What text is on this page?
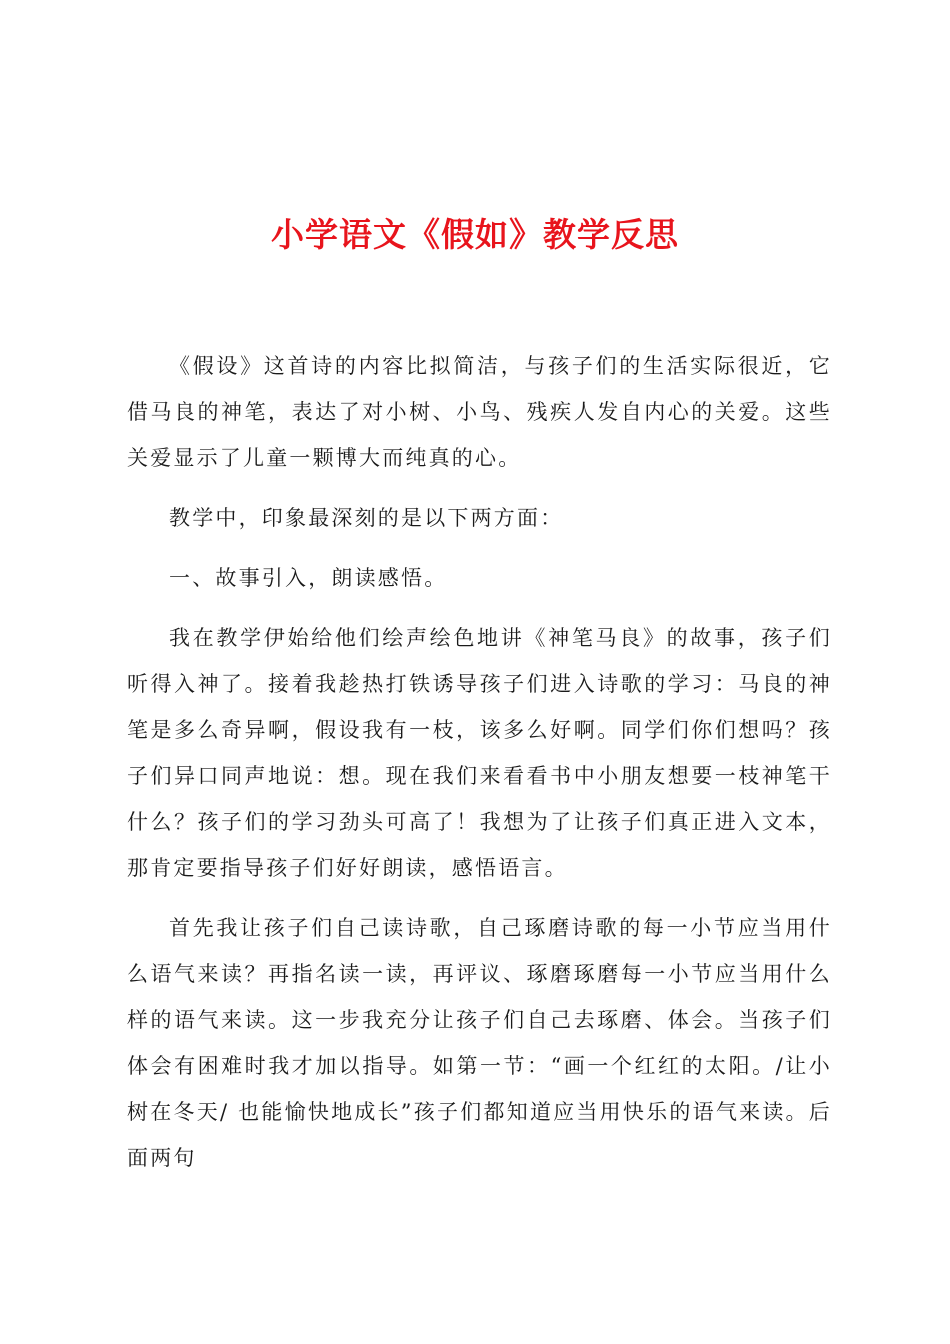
小学语文《假如》教学反思

《假设》这首诗的内容比拟简洁，与孩子们的生活实际很近，它借马良的神笔，表达了对小树、小鸟、残疾人发自内心的关爱。这些关爱显示了儿童一颗博大而纯真的心。

教学中，印象最深刻的是以下两方面：

一、故事引入，朗读感悟。

我在教学伊始给他们绘声绘色地讲《神笔马良》的故事，孩子们听得入神了。接着我趁热打铁诱导孩子们进入诗歌的学习：马良的神笔是多么奇异啊，假设我有一枝，该多么好啊。同学们你们想吗？孩子们异口同声地说：想。现在我们来看看书中小朋友想要一枝神笔干什么？孩子们的学习劲头可高了！我想为了让孩子们真正进入文本，那肯定要指导孩子们好好朗读，感悟语言。

首先我让孩子们自己读诗歌，自己琢磨诗歌的每一小节应当用什么语气来读？再指名读一读，再评议、琢磨琢磨每一小节应当用什么样的语气来读。这一步我充分让孩子们自己去琢磨、体会。当孩子们体会有困难时我才加以指导。如第一节：“画一个红红的太阳。/让小树在冬天/ 也能愉快地成长”孩子们都知道应当用快乐的语气来读。后面两句
